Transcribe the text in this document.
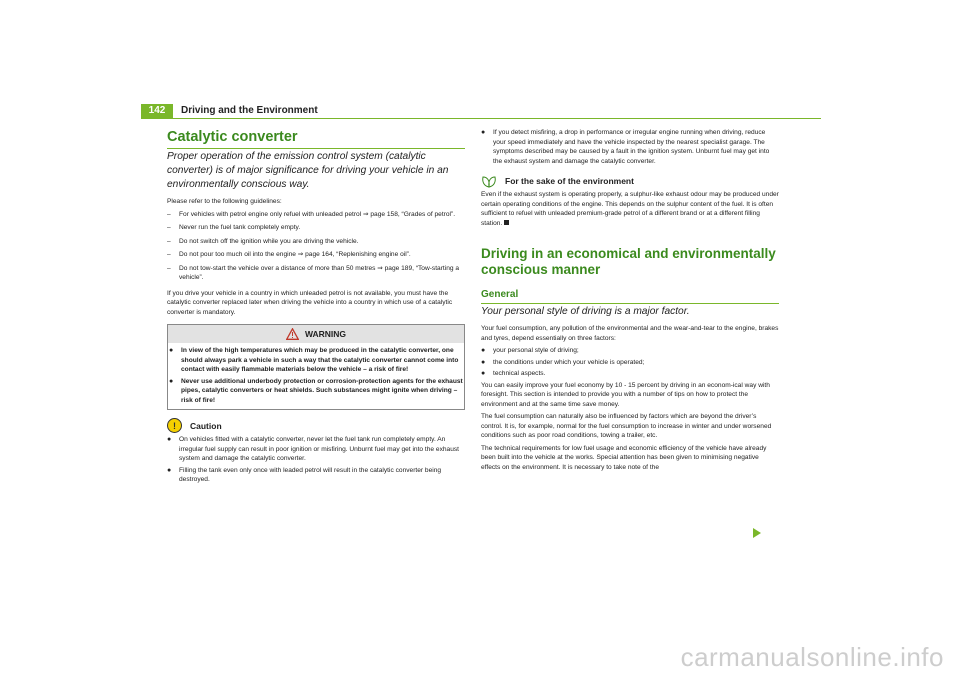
142	Driving and the Environment
Catalytic converter

Proper operation of the emission control system (catalytic converter) is of major significance for driving your vehicle in an environmentally conscious way.

Please refer to the following guidelines:

–	For vehicles with petrol engine only refuel with unleaded petrol ⇒ page 158, “Grades of petrol”.
–	Never run the fuel tank completely empty.
–	Do not switch off the ignition while you are driving the vehicle.
–	Do not pour too much oil into the engine ⇒ page 164, “Replenishing engine oil”.
–	Do not tow-start the vehicle over a distance of more than 50 metres ⇒ page 189, “Tow-starting a vehicle”.

If you drive your vehicle in a country in which unleaded petrol is not available, you must have the catalytic converter replaced later when driving the vehicle into a country in which use of a catalytic converter is mandatory.

WARNING
●	In view of the high temperatures which may be produced in the catalytic converter, one should always park a vehicle in such a way that the catalytic converter cannot come into contact with easily flammable materials below the vehicle – a risk of fire!
●	Never use additional underbody protection or corrosion-protection agents for the exhaust pipes, catalytic converters or heat shields. Such substances might ignite when driving – risk of fire!
!	Caution
●	On vehicles fitted with a catalytic converter, never let the fuel tank run completely empty. An irregular fuel supply can result in poor ignition or misfiring. Unburnt fuel may get into the exhaust system and damage the catalytic converter.
●	Filling the tank even only once with leaded petrol will result in the catalytic converter being destroyed.
●	If you detect misfiring, a drop in performance or irregular engine running when driving, reduce your speed immediately and have the vehicle inspected by the nearest specialist garage. The symptoms described may be caused by a fault in the ignition system. Unburnt fuel may get into the exhaust system and damage the catalytic converter.
For the sake of the environment

Even if the exhaust system is operating properly, a sulphur-like exhaust odour may be produced under certain operating conditions of the engine. This depends on the sulphur content of the fuel. It is often sufficient to refuel with unleaded premium-grade petrol of a different brand or at a different filling station.

Driving in an economical and environmentally conscious manner
General

Your personal style of driving is a major factor.

Your fuel consumption, any pollution of the environmental and the wear-and-tear to the engine, brakes and tyres, depend essentially on three factors:

●	your personal style of driving;
●	the conditions under which your vehicle is operated;
●	technical aspects.

You can easily improve your fuel economy by 10 - 15 percent by driving in an econom-ical way with foresight. This section is intended to provide you with a number of tips on how to protect the environment and at the same time save money.

The fuel consumption can naturally also be influenced by factors which are beyond the driver’s control. It is, for example, normal for the fuel consumption to increase in winter and under worsened conditions such as poor road conditions, towing a trailer, etc.

The technical requirements for low fuel usage and economic efficiency of the vehicle have already been built into the vehicle at the works. Special attention has been given to minimising negative effects on the environment. It is necessary to take note of the

carmanualsonline.info
